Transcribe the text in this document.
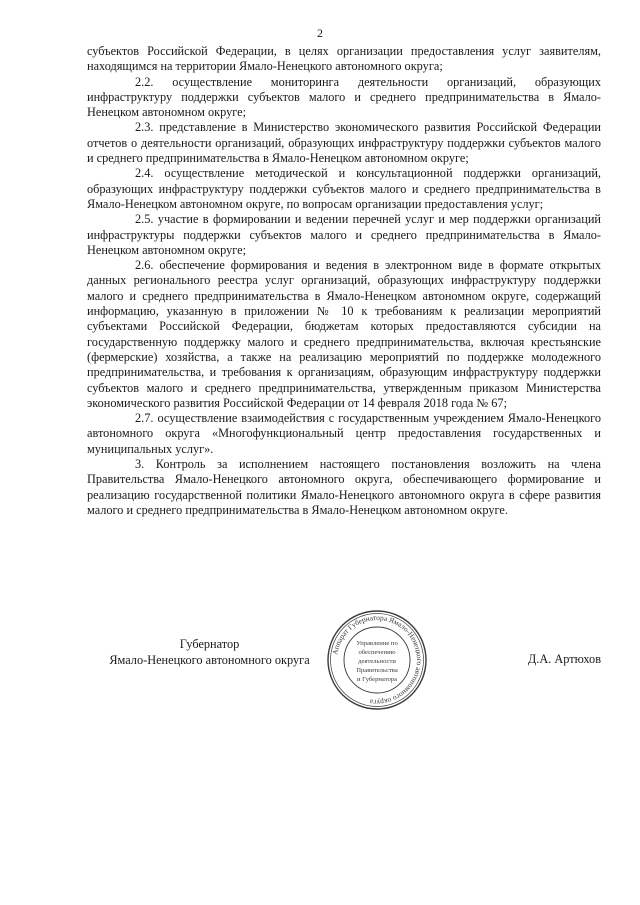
2

субъектов Российской Федерации, в целях организации предоставления услуг заявителям, находящимся на территории Ямало-Ненецкого автономного округа;

2.2. осуществление мониторинга деятельности организаций, образующих инфраструктуру поддержки субъектов малого и среднего предпринимательства в Ямало-Ненецком автономном округе;

2.3. представление в Министерство экономического развития Российской Федерации отчетов о деятельности организаций, образующих инфраструктуру поддержки субъектов малого и среднего предпринимательства в Ямало-Ненецком автономном округе;

2.4. осуществление методической и консультационной поддержки организаций, образующих инфраструктуру поддержки субъектов малого и среднего предпринимательства в Ямало-Ненецком автономном округе, по вопросам организации предоставления услуг;

2.5. участие в формировании и ведении перечней услуг и мер поддержки организаций инфраструктуры поддержки субъектов малого и среднего предпринимательства в Ямало-Ненецком автономном округе;

2.6. обеспечение формирования и ведения в электронном виде в формате открытых данных регионального реестра услуг организаций, образующих инфраструктуру поддержки малого и среднего предпринимательства в Ямало-Ненецком автономном округе, содержащий информацию, указанную в приложении № 10 к требованиям к реализации мероприятий субъектами Российской Федерации, бюджетам которых предоставляются субсидии на государственную поддержку малого и среднего предпринимательства, включая крестьянские (фермерские) хозяйства, а также на реализацию мероприятий по поддержке молодежного предпринимательства, и требования к организациям, образующим инфраструктуру поддержки субъектов малого и среднего предпринимательства, утвержденным приказом Министерства экономического развития Российской Федерации от 14 февраля 2018 года № 67;

2.7. осуществление взаимодействия с государственным учреждением Ямало-Ненецкого автономного округа «Многофункциональный центр предоставления государственных и муниципальных услуг».

3. Контроль за исполнением настоящего постановления возложить на члена Правительства Ямало-Ненецкого автономного округа, обеспечивающего формирование и реализацию государственной политики Ямало-Ненецкого автономного округа в сфере развития малого и среднего предпринимательства в Ямало-Ненецком автономном округе.

Губернатор
Ямало-Ненецкого автономного округа
Аппарат Губернатора Ямало-Ненецкого автономного округа
Управление по
обеспечению
деятельности
Правительства
и Губернатора
Д.А. Артюхов
